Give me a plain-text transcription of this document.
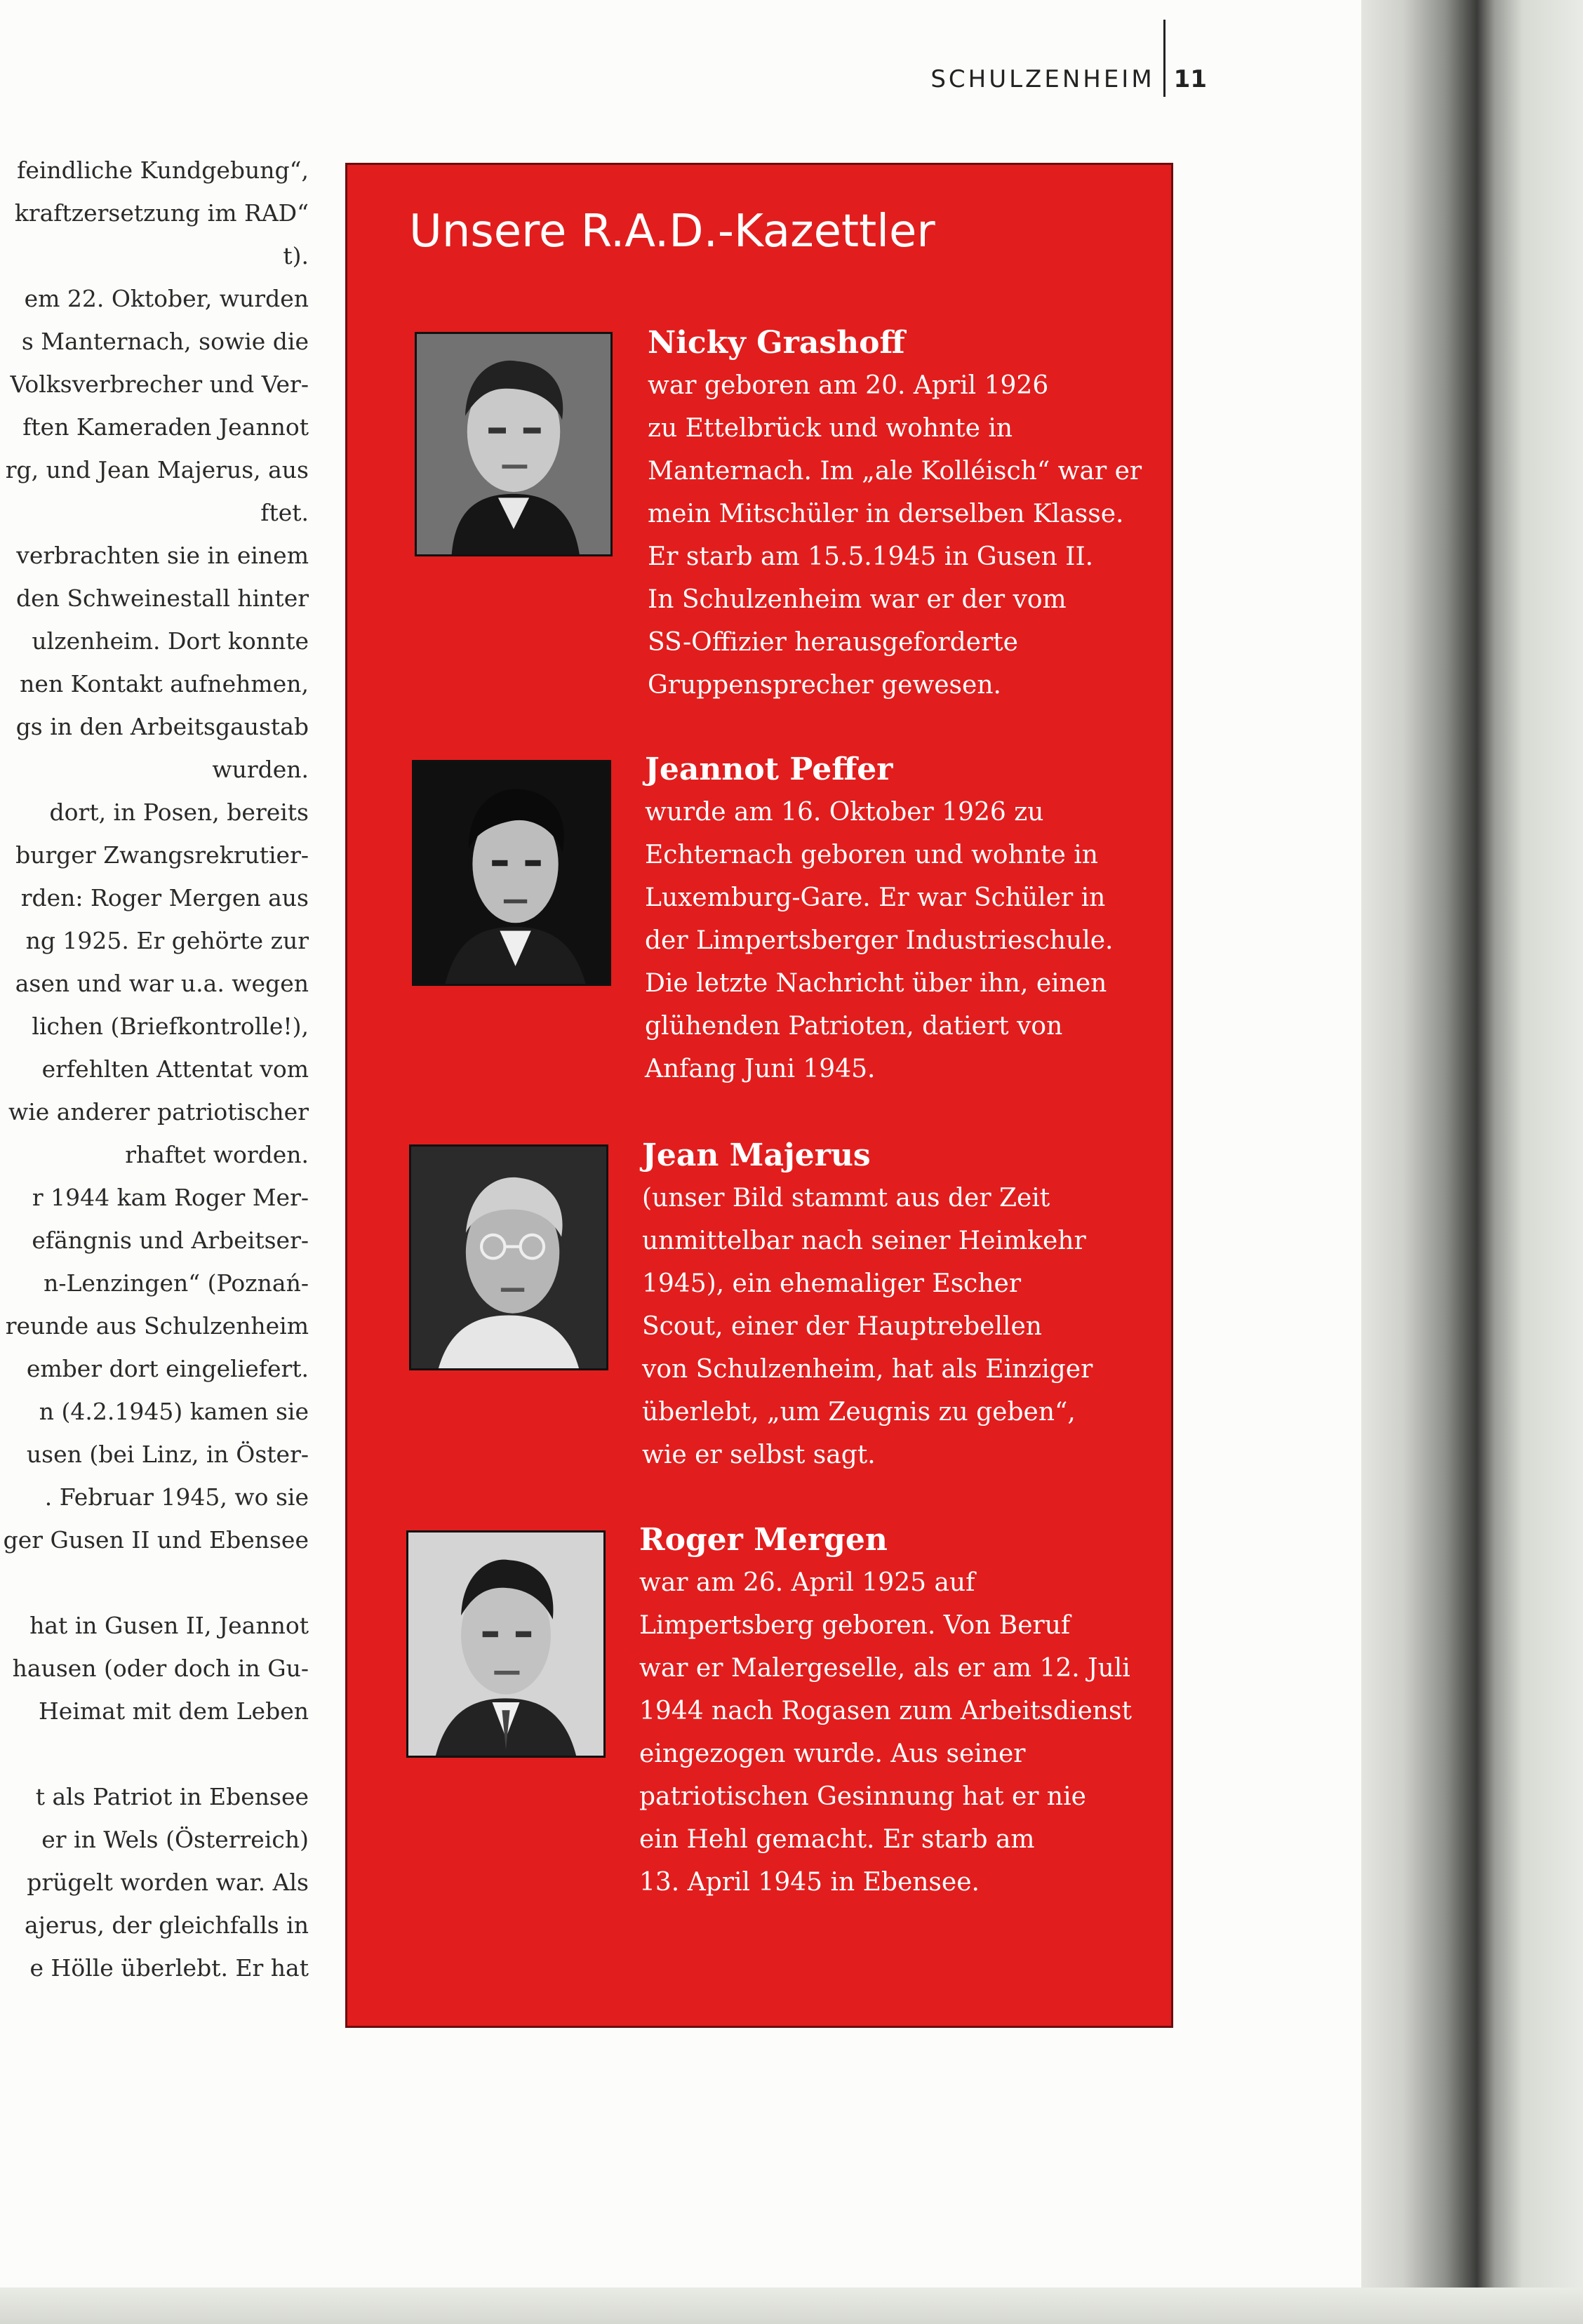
SCHULZENHEIM 11
feindliche Kundgebung“,
kraftzersetzung im RAD“
t).
em 22. Oktober, wurden
s Manternach, sowie die
Volksverbrecher und Ver-
ften Kameraden Jeannot
rg, und Jean Majerus, aus
ftet.
verbrachten sie in einem
den Schweinestall hinter
ulzenheim. Dort konnte
nen Kontakt aufnehmen,
gs in den Arbeitsgaustab
wurden.
dort, in Posen, bereits
burger Zwangsrekrutier-
rden: Roger Mergen aus
ng 1925. Er gehörte zur
asen und war u.a. wegen
lichen (Briefkontrolle!),
erfehlten Attentat vom
wie anderer patriotischer
rhaftet worden.
r 1944 kam Roger Mer-
efängnis und Arbeitser-
n-Lenzingen“ (Poznań-
reunde aus Schulzenheim
ember dort eingeliefert.
n (4.2.1945) kamen sie
usen (bei Linz, in Öster-
. Februar 1945, wo sie
ger Gusen II und Ebensee
hat in Gusen II, Jeannot
hausen (oder doch in Gu-
Heimat mit dem Leben
t als Patriot in Ebensee
er in Wels (Österreich)
prügelt worden war. Als
ajerus, der gleichfalls in
e Hölle überlebt. Er hat
Unsere R.A.D.-Kazettler
Nicky Grashoff
war geboren am 20. April 1926
zu Ettelbrück und wohnte in
Manternach. Im „ale Kolléisch“ war er
mein Mitschüler in derselben Klasse.
Er starb am 15.5.1945 in Gusen II.
In Schulzenheim war er der vom
SS-Offizier herausgeforderte
Gruppensprecher gewesen.
Jeannot Peffer
wurde am 16. Oktober 1926 zu
Echternach geboren und wohnte in
Luxemburg-Gare. Er war Schüler in
der Limpertsberger Industrieschule.
Die letzte Nachricht über ihn, einen
glühenden Patrioten, datiert von
Anfang Juni 1945.
Jean Majerus
(unser Bild stammt aus der Zeit
unmittelbar nach seiner Heimkehr
1945), ein ehemaliger Escher
Scout, einer der Hauptrebellen
von Schulzenheim, hat als Einziger
überlebt, „um Zeugnis zu geben“,
wie er selbst sagt.
Roger Mergen
war am 26. April 1925 auf
Limpertsberg geboren. Von Beruf
war er Malergeselle, als er am 12. Juli
1944 nach Rogasen zum Arbeitsdienst
eingezogen wurde. Aus seiner
patriotischen Gesinnung hat er nie
ein Hehl gemacht. Er starb am
13. April 1945 in Ebensee.
